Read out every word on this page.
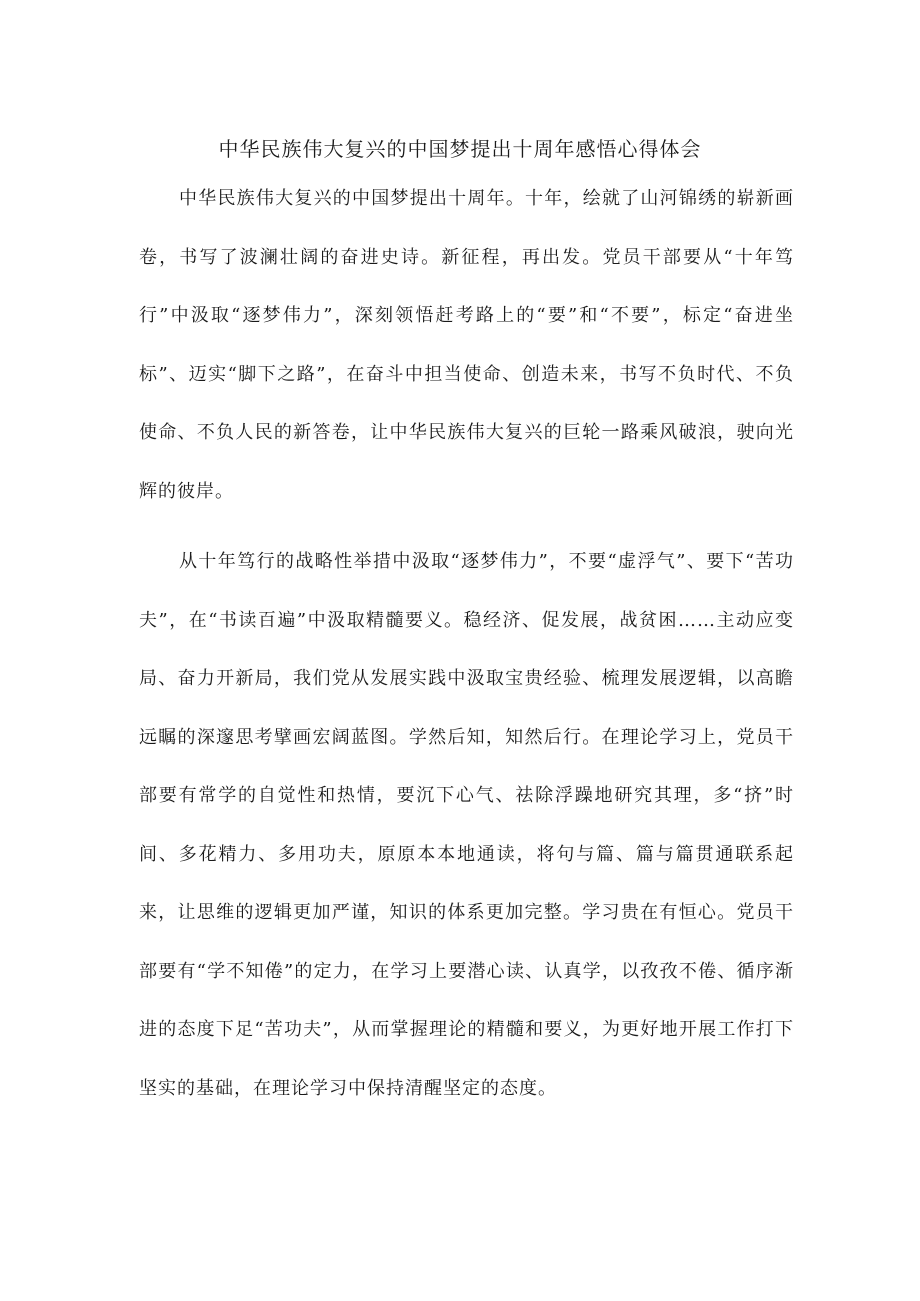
中华民族伟大复兴的中国梦提出十周年感悟心得体会

中华民族伟大复兴的中国梦提出十周年。十年，绘就了山河锦绣的崭新画卷，书写了波澜壮阔的奋进史诗。新征程，再出发。党员干部要从“十年笃行”中汲取“逐梦伟力”，深刻领悟赶考路上的“要”和“不要”，标定“奋进坐标”、迈实“脚下之路”，在奋斗中担当使命、创造未来，书写不负时代、不负使命、不负人民的新答卷，让中华民族伟大复兴的巨轮一路乘风破浪，驶向光辉的彼岸。

从十年笃行的战略性举措中汲取“逐梦伟力”，不要“虚浮气”、要下“苦功夫”，在“书读百遍”中汲取精髓要义。稳经济、促发展，战贫困……主动应变局、奋力开新局，我们党从发展实践中汲取宝贵经验、梳理发展逻辑，以高瞻远瞩的深邃思考擘画宏阔蓝图。学然后知，知然后行。在理论学习上，党员干部要有常学的自觉性和热情，要沉下心气、祛除浮躁地研究其理，多“挤”时间、多花精力、多用功夫，原原本本地通读，将句与篇、篇与篇贯通联系起来，让思维的逻辑更加严谨，知识的体系更加完整。学习贵在有恒心。党员干部要有“学不知倦”的定力，在学习上要潜心读、认真学，以孜孜不倦、循序渐进的态度下足“苦功夫”，从而掌握理论的精髓和要义，为更好地开展工作打下坚实的基础，在理论学习中保持清醒坚定的态度。
